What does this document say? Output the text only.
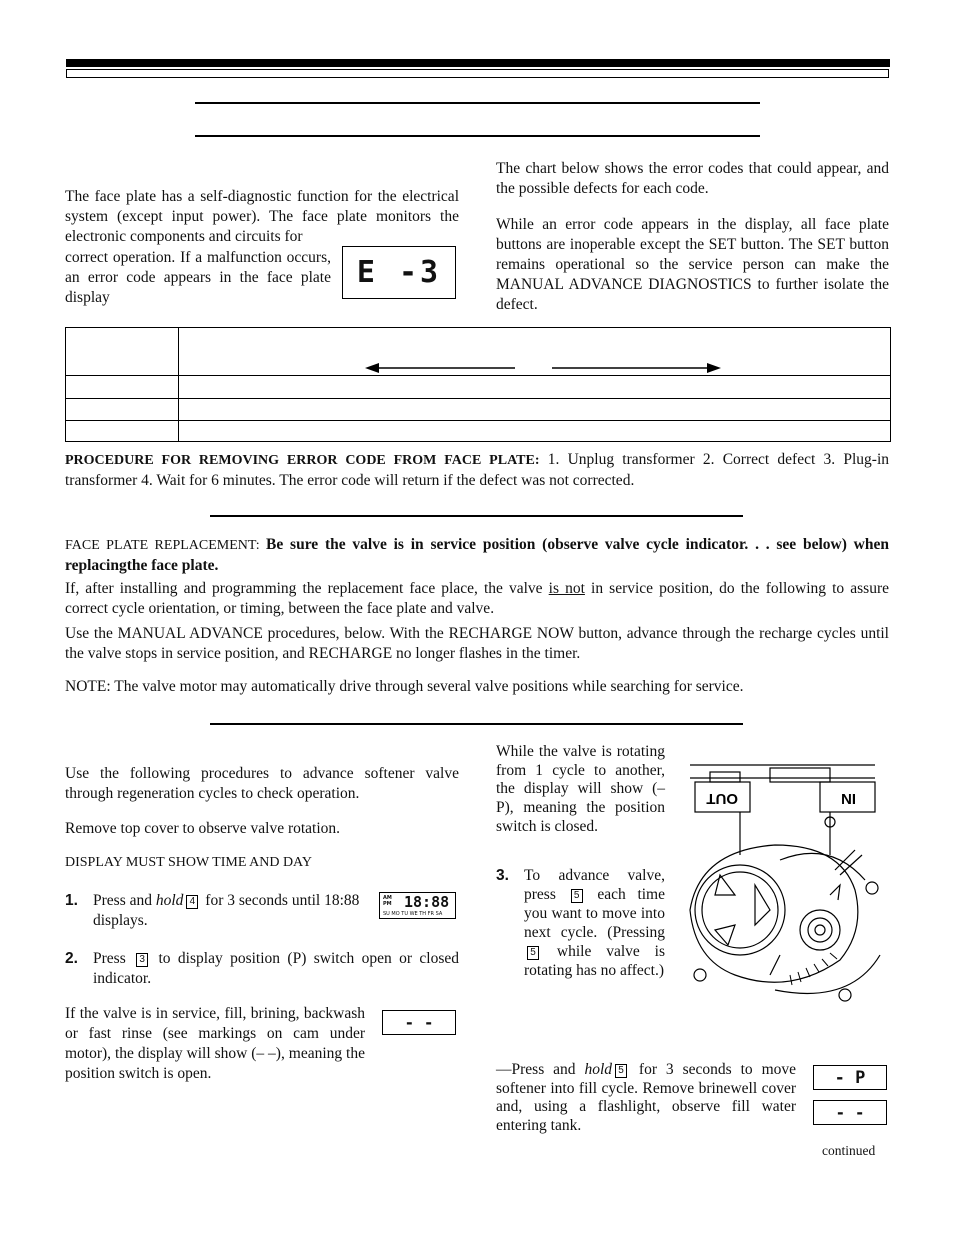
The face plate has a self-diagnostic function for the electrical system (except input power). The face plate monitors the electronic components and circuits for

correct operation. If a malfunction occurs, an error code appears in the face plate display

E -3

The chart below shows the error codes that could appear, and the possible defects for each code.

While an error code appears in the display, all face plate buttons are inoperable except the SET button. The SET button remains operational so the service person can make the MANUAL ADVANCE DIAGNOSTICS to further isolate the defect.

PROCEDURE FOR REMOVING ERROR CODE FROM FACE PLATE: 1. Unplug transformer 2. Correct defect 3. Plug-in transformer 4. Wait for 6 minutes. The error code will return if the defect was not corrected.

FACE PLATE REPLACEMENT: Be sure the valve is in service position (observe valve cycle indicator. . . see below) when replacingthe face plate.

If, after installing and programming the replacement face place, the valve is not in service position, do the following to assure correct cycle orientation, or timing, between the face plate and valve.

Use the MANUAL ADVANCE procedures, below. With the RECHARGE NOW button, advance through the recharge cycles until the valve stops in service position, and RECHARGE no longer flashes in the timer.

NOTE: The valve motor may automatically drive through several valve positions while searching for service.

Use the following procedures to advance softener valve through regeneration cycles to check operation.

Remove top cover to observe valve rotation.

DISPLAY MUST SHOW TIME AND DAY

1. Press and hold 4 for 3 seconds until 18:88 displays.
AM PM 18:88
SU MO TU WE TH FR SA
2. Press 3 to display position (P) switch open or closed indicator.

If the valve is in service, fill, brining, backwash or fast rinse (see markings on cam under motor), the display will show (– –), meaning the position switch is open.

- -

While the valve is rotating from 1 cycle to another, the display will show (– P), meaning the position switch is closed.

3. To advance valve, press 5 each time you want to move into next cycle. (Pressing 5 while valve is rotating has no affect.)
OUT	IN

—Press and hold 5 for 3 seconds to move softener into fill cycle. Remove brinewell cover and, using a flashlight, observe fill water entering tank.

- P
- -
continued
